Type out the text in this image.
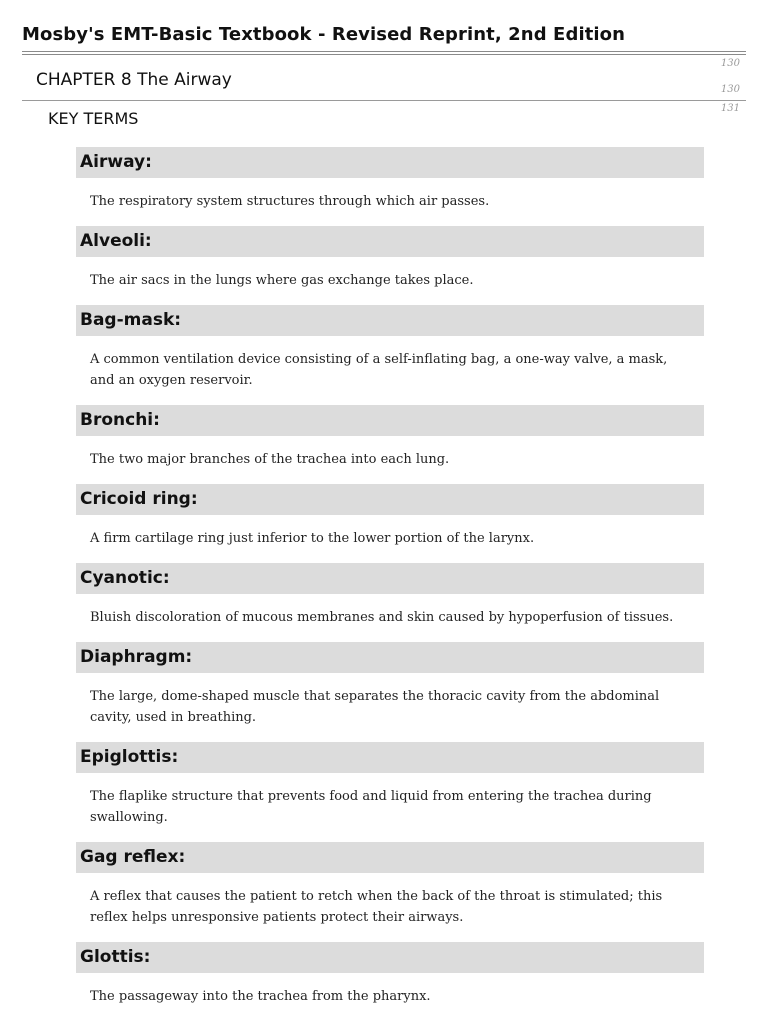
Mosby's EMT-Basic Textbook - Revised Reprint, 2nd Edition
130
CHAPTER 8 The Airway	130
131
KEY TERMS
Airway:
The respiratory system structures through which air passes.
Alveoli:
The air sacs in the lungs where gas exchange takes place.
Bag-mask:
A common ventilation device consisting of a self-inflating bag, a one-way valve, a mask, and an oxygen reservoir.
Bronchi:
The two major branches of the trachea into each lung.
Cricoid ring:
A firm cartilage ring just inferior to the lower portion of the larynx.
Cyanotic:
Bluish discoloration of mucous membranes and skin caused by hypoperfusion of tissues.
Diaphragm:
The large, dome-shaped muscle that separates the thoracic cavity from the abdominal cavity, used in breathing.
Epiglottis:
The flaplike structure that prevents food and liquid from entering the trachea during swallowing.
Gag reflex:
A reflex that causes the patient to retch when the back of the throat is stimulated; this reflex helps unresponsive patients protect their airways.
Glottis:
The passageway into the trachea from the pharynx.
